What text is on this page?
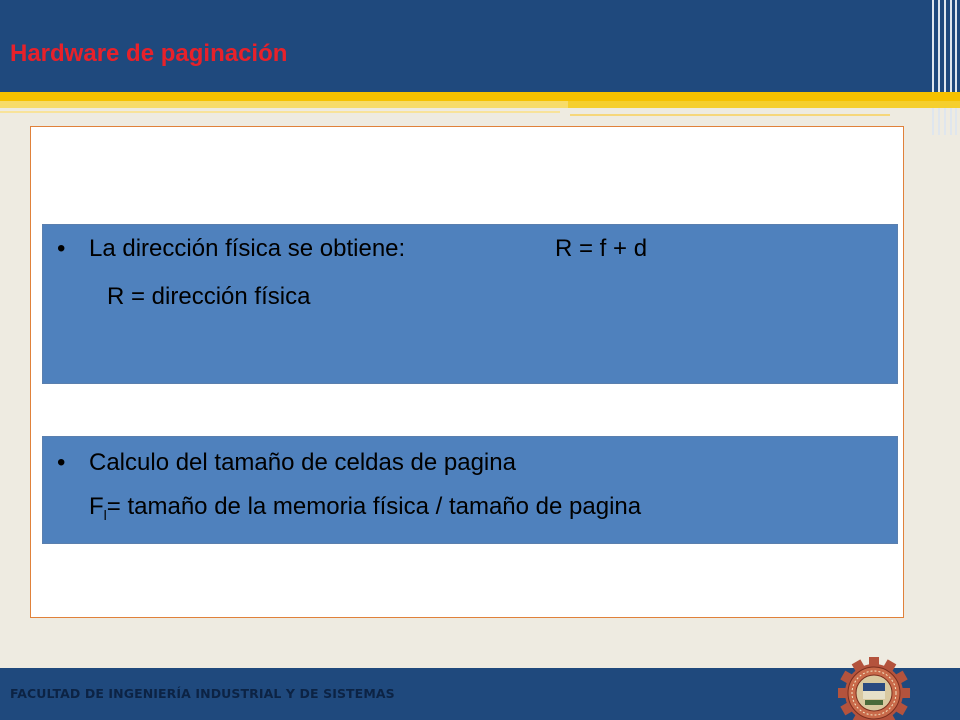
Hardware de paginación
• La dirección física se obtiene:	R = f + d
R = dirección física
• Calculo del tamaño de celdas de pagina
$F_l=$ tamaño de la memoria física / tamaño de pagina
FACULTAD DE INGENIERÍA INDUSTRIAL Y DE SISTEMAS
